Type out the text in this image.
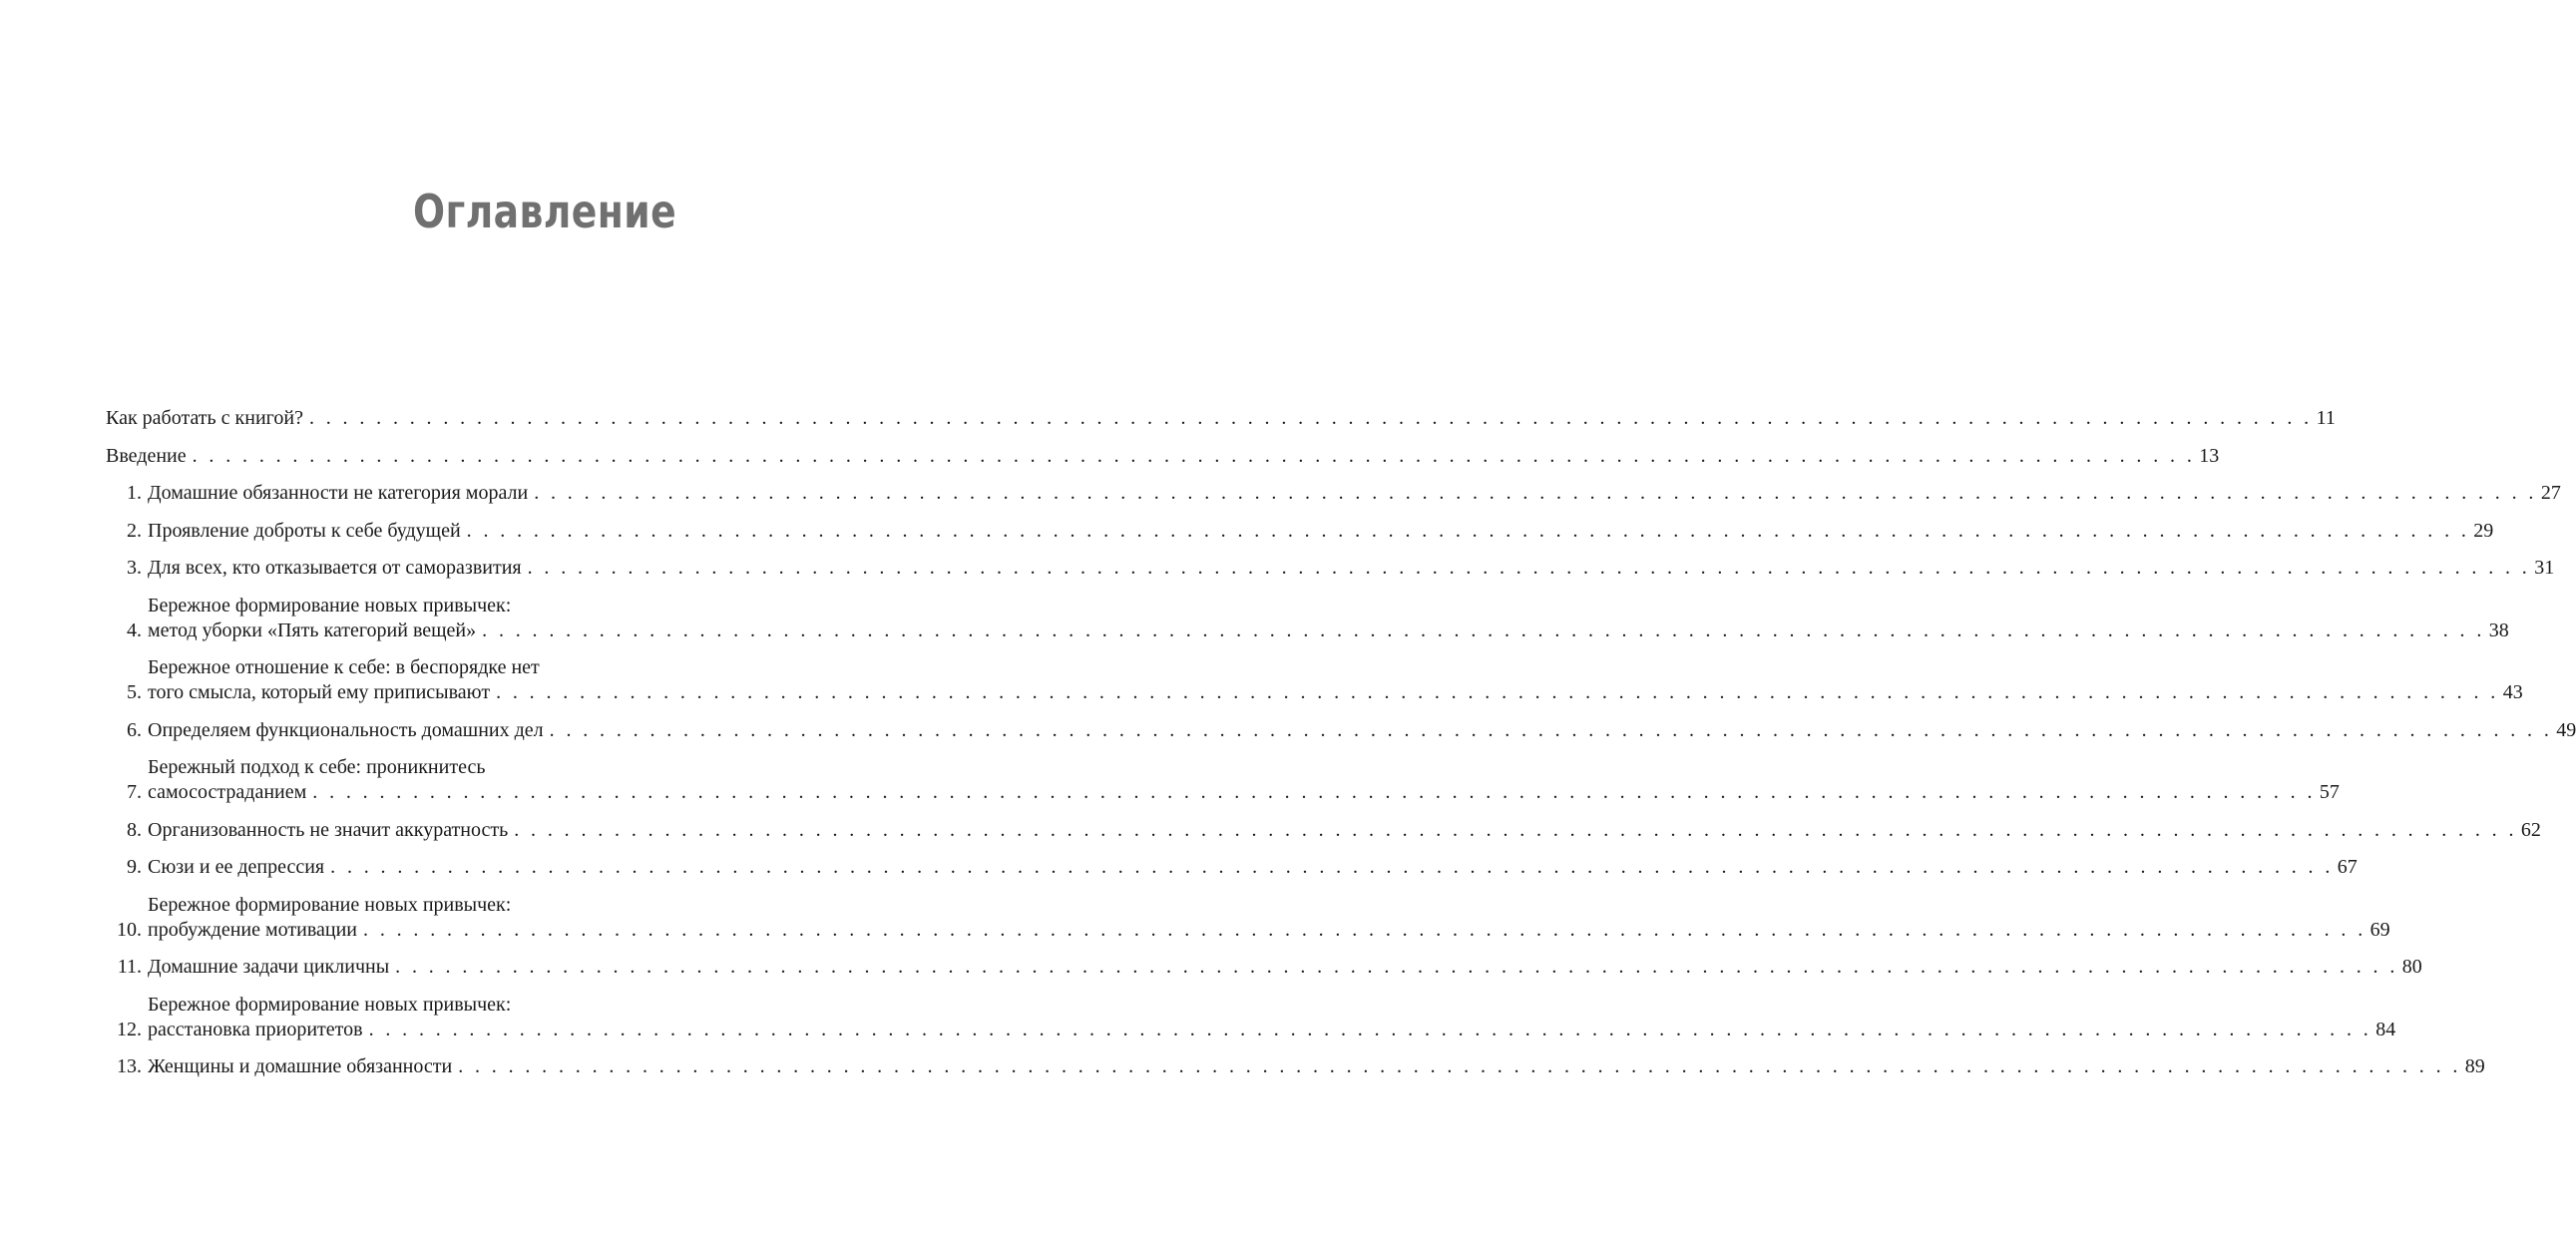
Оглавление
Как работать с книгой? . . . . . . . . . . . . . . . . . . . . . . . . . . . . . . . . . . . . . . . . . . . . . . . . . . . . . . . . . . . . . . . . . . . . . . . . . . . . . . . . . . . . . . . . . . . . . . . . . . . . . . . . . . . . . . . . . . . . . . . . 11
Введение . . . . . . . . . . . . . . . . . . . . . . . . . . . . . . . . . . . . . . . . . . . . . . . . . . . . . . . . . . . . . . . . . . . . . . . . . . . . . . . . . . . . . . . . . . . . . . . . . . . . . . . . . . . . . . . . . . . . . . . . 13
1. Домашние обязанности не категория морали . . . . . . . . . . . . . . . . . . . . . . . . . . . . . . . . . . . . . . . . . . . . . . . . . . . . . . . . . . . . . . . . . . . . . . . . . . . . . . . . . . . . . . . . . . . . . . . . . . . . . . . . . . . . . . . . . . . . . . . . 27
2. Проявление доброты к себе будущей . . . . . . . . . . . . . . . . . . . . . . . . . . . . . . . . . . . . . . . . . . . . . . . . . . . . . . . . . . . . . . . . . . . . . . . . . . . . . . . . . . . . . . . . . . . . . . . . . . . . . . . . . . . . . . . . . . . . . . . . 29
3. Для всех, кто отказывается от саморазвития . . . . . . . . . . . . . . . . . . . . . . . . . . . . . . . . . . . . . . . . . . . . . . . . . . . . . . . . . . . . . . . . . . . . . . . . . . . . . . . . . . . . . . . . . . . . . . . . . . . . . . . . . . . . . . . . . . . . . . . . 31
4.
Бережное формирование новых привычек:
метод уборки «Пять категорий вещей» . . . . . . . . . . . . . . . . . . . . . . . . . . . . . . . . . . . . . . . . . . . . . . . . . . . . . . . . . . . . . . . . . . . . . . . . . . . . . . . . . . . . . . . . . . . . . . . . . . . . . . . . . . . . . . . . . . . . . . . . 38
5.
Бережное отношение к себе: в беспорядке нет
того смысла, который ему приписывают . . . . . . . . . . . . . . . . . . . . . . . . . . . . . . . . . . . . . . . . . . . . . . . . . . . . . . . . . . . . . . . . . . . . . . . . . . . . . . . . . . . . . . . . . . . . . . . . . . . . . . . . . . . . . . . . . . . . . . . . 43
6. Определяем функциональность домашних дел . . . . . . . . . . . . . . . . . . . . . . . . . . . . . . . . . . . . . . . . . . . . . . . . . . . . . . . . . . . . . . . . . . . . . . . . . . . . . . . . . . . . . . . . . . . . . . . . . . . . . . . . . . . . . . . . . . . . . . . . 49
7.
Бережный подход к себе: проникнитесь
самосостраданием . . . . . . . . . . . . . . . . . . . . . . . . . . . . . . . . . . . . . . . . . . . . . . . . . . . . . . . . . . . . . . . . . . . . . . . . . . . . . . . . . . . . . . . . . . . . . . . . . . . . . . . . . . . . . . . . . . . . . . . . 57
8. Организованность не значит аккуратность . . . . . . . . . . . . . . . . . . . . . . . . . . . . . . . . . . . . . . . . . . . . . . . . . . . . . . . . . . . . . . . . . . . . . . . . . . . . . . . . . . . . . . . . . . . . . . . . . . . . . . . . . . . . . . . . . . . . . . . . 62
9. Сюзи и ее депрессия . . . . . . . . . . . . . . . . . . . . . . . . . . . . . . . . . . . . . . . . . . . . . . . . . . . . . . . . . . . . . . . . . . . . . . . . . . . . . . . . . . . . . . . . . . . . . . . . . . . . . . . . . . . . . . . . . . . . . . . . 67
10.
Бережное формирование новых привычек:
пробуждение мотивации . . . . . . . . . . . . . . . . . . . . . . . . . . . . . . . . . . . . . . . . . . . . . . . . . . . . . . . . . . . . . . . . . . . . . . . . . . . . . . . . . . . . . . . . . . . . . . . . . . . . . . . . . . . . . . . . . . . . . . . . 69
11. Домашние задачи цикличны . . . . . . . . . . . . . . . . . . . . . . . . . . . . . . . . . . . . . . . . . . . . . . . . . . . . . . . . . . . . . . . . . . . . . . . . . . . . . . . . . . . . . . . . . . . . . . . . . . . . . . . . . . . . . . . . . . . . . . . . 80
12.
Бережное формирование новых привычек:
расстановка приоритетов . . . . . . . . . . . . . . . . . . . . . . . . . . . . . . . . . . . . . . . . . . . . . . . . . . . . . . . . . . . . . . . . . . . . . . . . . . . . . . . . . . . . . . . . . . . . . . . . . . . . . . . . . . . . . . . . . . . . . . . . 84
13. Женщины и домашние обязанности . . . . . . . . . . . . . . . . . . . . . . . . . . . . . . . . . . . . . . . . . . . . . . . . . . . . . . . . . . . . . . . . . . . . . . . . . . . . . . . . . . . . . . . . . . . . . . . . . . . . . . . . . . . . . . . . . . . . . . . . 89
